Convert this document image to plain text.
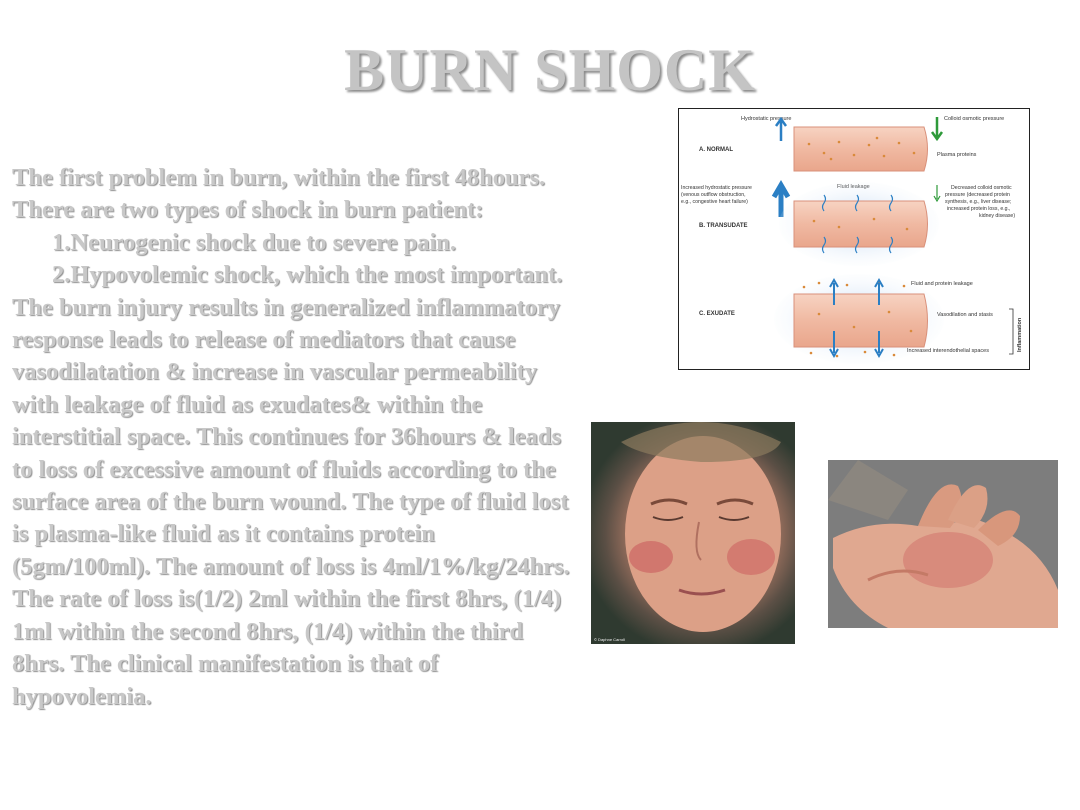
BURN SHOCK

The first problem in burn, within the first 48hours. There are two types of shock in burn patient:

1.Neurogenic shock due to severe pain.

2.Hypovolemic shock, which the most important. The burn injury results in generalized inflammatory response leads to release of mediators that cause vasodilatation & increase in vascular permeability with leakage of fluid as exudates& within the interstitial space. This continues for 36hours & leads to loss of excessive amount of fluids according to the surface area of the burn wound. The type of fluid lost is plasma-like fluid as it contains protein (5gm/100ml). The amount of loss is 4ml/1%/kg/24hrs. The rate of loss is(1/2) 2ml within the first 8hrs, (1/4) 1ml within the second 8hrs, (1/4) within the third 8hrs. The clinical manifestation is that of hypovolemia.

Hydrostatic pressure	Colloid osmotic pressure
A. NORMAL
Plasma proteins
Increased hydrostatic pressure
(venous outflow obstruction,
e.g., congestive heart failure)
B. TRANSUDATE
Decreased colloid osmotic
pressure (decreased protein
synthesis, e.g., liver disease;
increased protein loss, e.g.,
kidney disease)
C. EXUDATE
Fluid and protein leakage
Vasodilation and stasis
Increased interendothelial spaces	Inflammation
© Daphne Carroll
